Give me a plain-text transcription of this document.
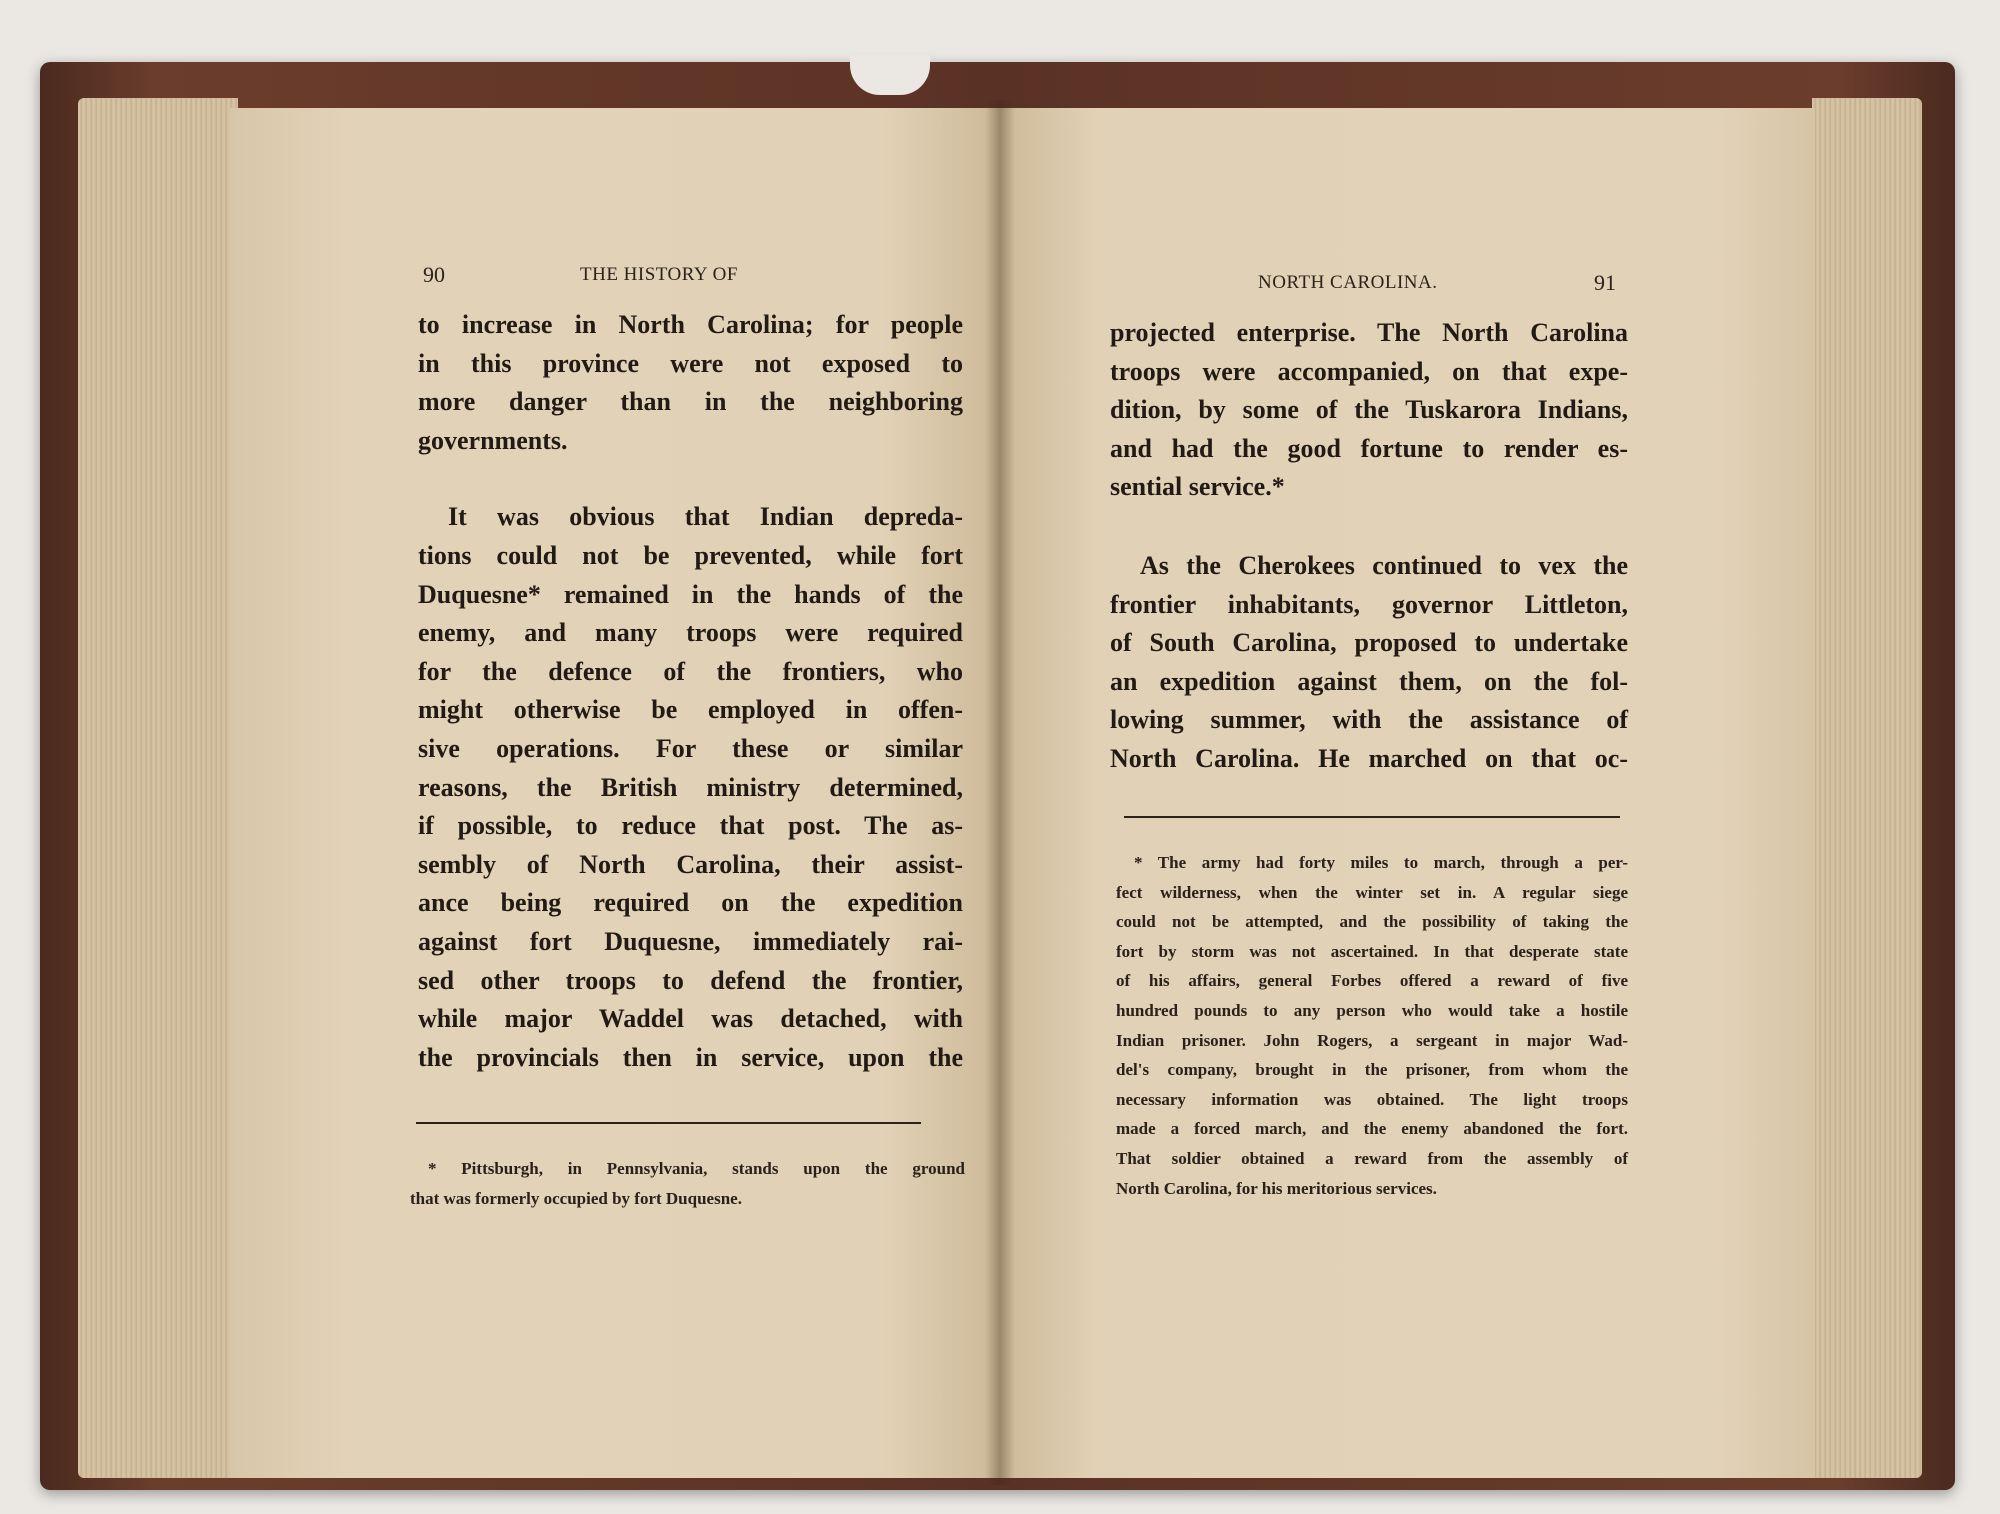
90	THE HISTORY OF

to increase in North Carolina; for people

in this province were not exposed to

more danger than in the neighboring

governments.

It was obvious that Indian depreda-

tions could not be prevented, while fort

Duquesne* remained in the hands of the

enemy, and many troops were required

for the defence of the frontiers, who

might otherwise be employed in offen-

sive operations. For these or similar

reasons, the British ministry determined,

if possible, to reduce that post. The as-

sembly of North Carolina, their assist-

ance being required on the expedition

against fort Duquesne, immediately rai-

sed other troops to defend the frontier,

while major Waddel was detached, with

the provincials then in service, upon the

* Pittsburgh, in Pennsylvania, stands upon the ground

that was formerly occupied by fort Duquesne.

NORTH CAROLINA.	91

projected enterprise. The North Carolina

troops were accompanied, on that expe-

dition, by some of the Tuskarora Indians,

and had the good fortune to render es-

sential service.*

As the Cherokees continued to vex the

frontier inhabitants, governor Littleton,

of South Carolina, proposed to undertake

an expedition against them, on the fol-

lowing summer, with the assistance of

North Carolina. He marched on that oc-

* The army had forty miles to march, through a per-

fect wilderness, when the winter set in. A regular siege

could not be attempted, and the possibility of taking the

fort by storm was not ascertained. In that desperate state

of his affairs, general Forbes offered a reward of five

hundred pounds to any person who would take a hostile

Indian prisoner. John Rogers, a sergeant in major Wad-

del's company, brought in the prisoner, from whom the

necessary information was obtained. The light troops

made a forced march, and the enemy abandoned the fort.

That soldier obtained a reward from the assembly of

North Carolina, for his meritorious services.
